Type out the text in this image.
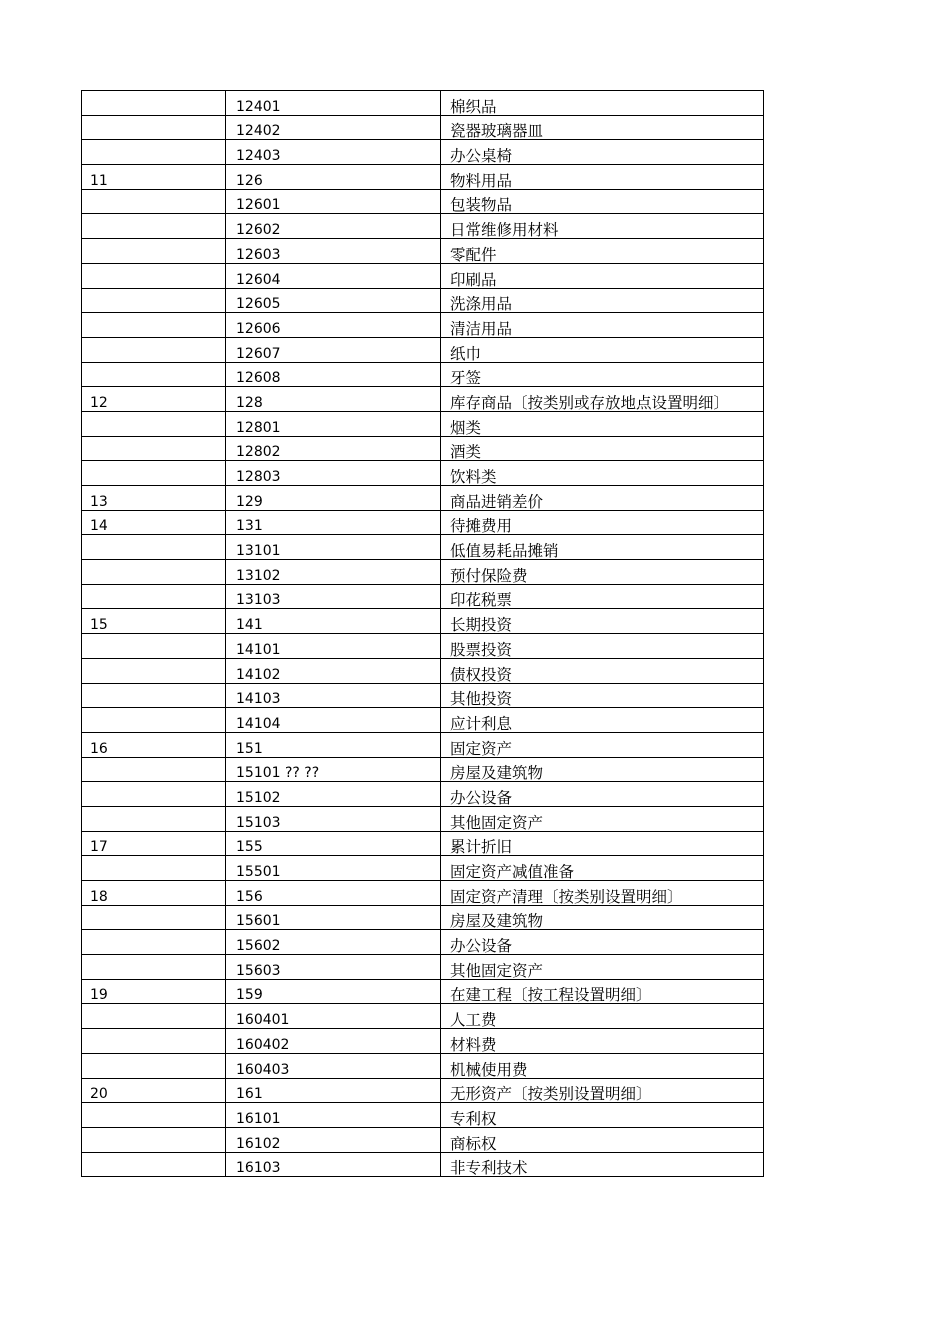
	12401	棉织品
	12402	瓷器玻璃器皿
	12403	办公桌椅
11	126	物料用品
	12601	包装物品
	12602	日常维修用材料
	12603	零配件
	12604	印刷品
	12605	洗涤用品
	12606	清洁用品
	12607	纸巾
	12608	牙签
12	128	库存商品〔按类别或存放地点设置明细〕
	12801	烟类
	12802	酒类
	12803	饮料类
13	129	商品进销差价
14	131	待摊费用
	13101	低值易耗品摊销
	13102	预付保险费
	13103	印花税票
15	141	长期投资
	14101	股票投资
	14102	债权投资
	14103	其他投资
	14104	应计利息
16	151	固定资产
	15101 ?? ??	房屋及建筑物
	15102	办公设备
	15103	其他固定资产
17	155	累计折旧
	15501	固定资产减值准备
18	156	固定资产清理〔按类别设置明细〕
	15601	房屋及建筑物
	15602	办公设备
	15603	其他固定资产
19	159	在建工程〔按工程设置明细〕
	160401	人工费
	160402	材料费
	160403	机械使用费
20	161	无形资产〔按类别设置明细〕
	16101	专利权
	16102	商标权
	16103	非专利技术
